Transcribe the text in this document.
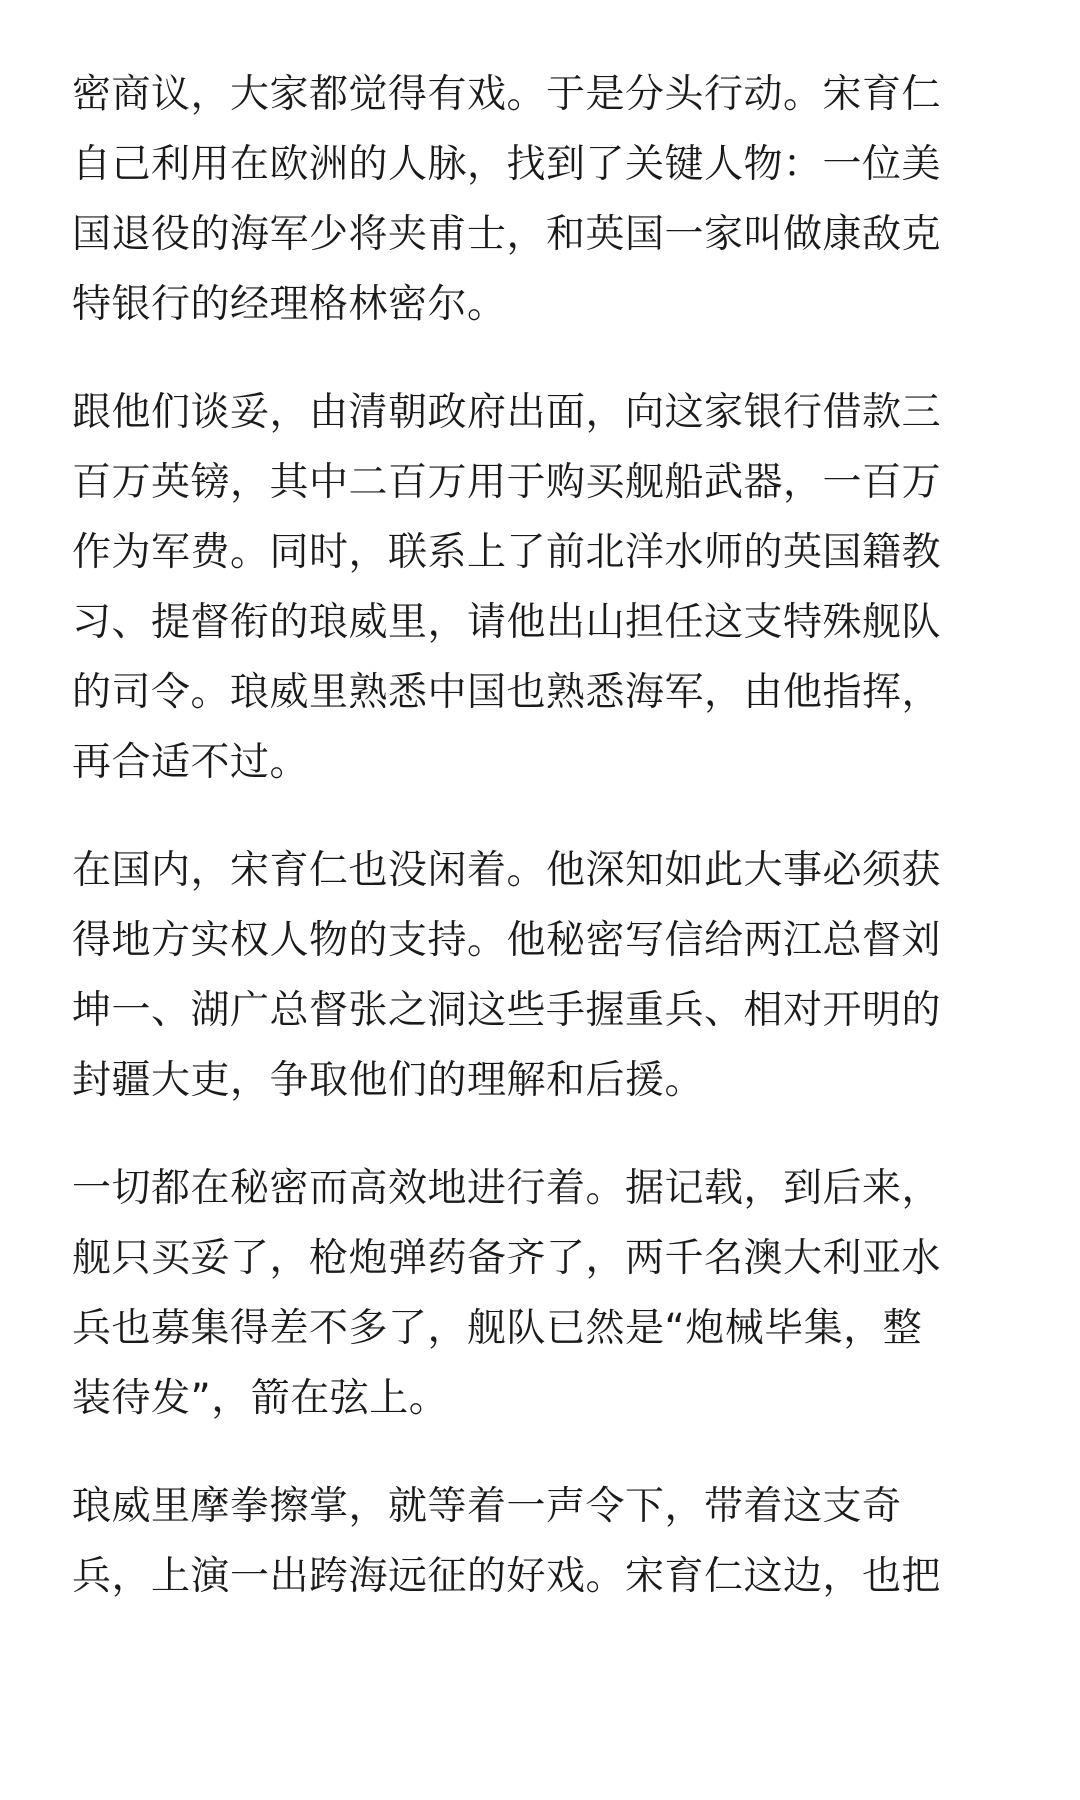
密商议，大家都觉得有戏。于是分头行动。宋育仁
自己利用在欧洲的人脉，找到了关键人物：一位美
国退役的海军少将夹甫士，和英国一家叫做康敌克
特银行的经理格林密尔。

跟他们谈妥，由清朝政府出面，向这家银行借款三
百万英镑，其中二百万用于购买舰船武器，一百万
作为军费。同时，联系上了前北洋水师的英国籍教
习、提督衔的琅威里，请他出山担任这支特殊舰队
的司令。琅威里熟悉中国也熟悉海军，由他指挥，
再合适不过。

在国内，宋育仁也没闲着。他深知如此大事必须获
得地方实权人物的支持。他秘密写信给两江总督刘
坤一、湖广总督张之洞这些手握重兵、相对开明的
封疆大吏，争取他们的理解和后援。

一切都在秘密而高效地进行着。据记载，到后来，
舰只买妥了，枪炮弹药备齐了，两千名澳大利亚水
兵也募集得差不多了，舰队已然是“炮械毕集，整
装待发”，箭在弦上。

琅威里摩拳擦掌，就等着一声令下，带着这支奇
兵，上演一出跨海远征的好戏。宋育仁这边，也把
